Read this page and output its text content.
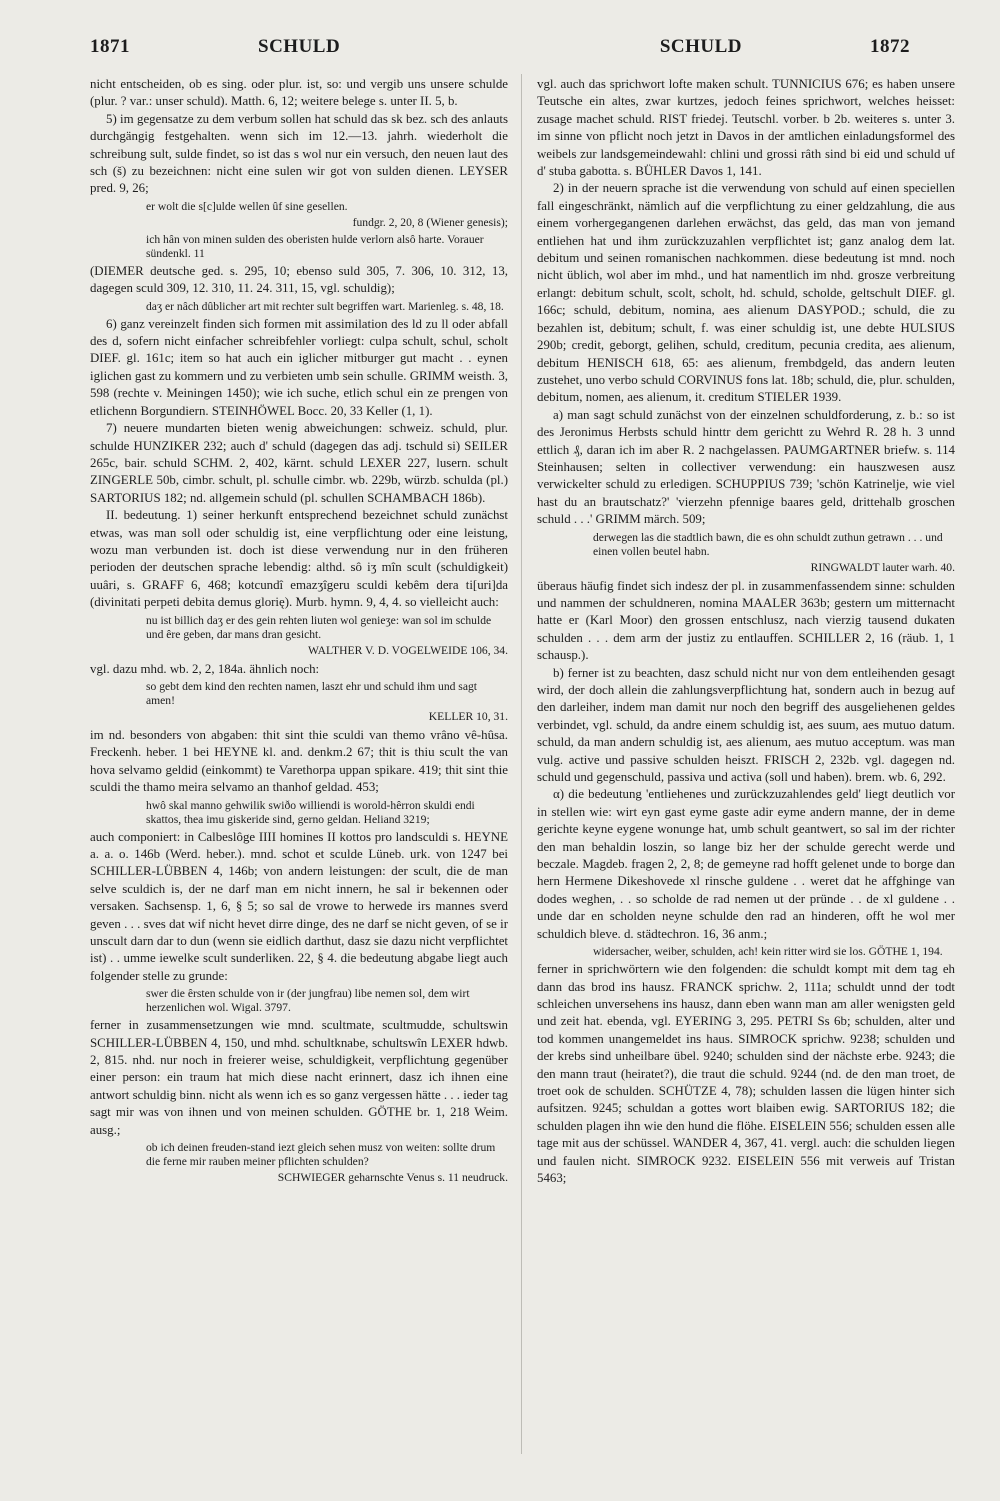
1871	SCHULD	SCHULD	1872

nicht entscheiden, ob es sing. oder plur. ist, so: und vergib uns unsere schulde (plur. ? var.: unser schuld). Matth. 6, 12; weitere belege s. unter II. 5, b.

5) im gegensatze zu dem verbum sollen hat schuld das sk bez. sch des anlauts durchgängig festgehalten. wenn sich im 12.—13. jahrh. wiederholt die schreibung sult, sulde findet, so ist das s wol nur ein versuch, den neuen laut des sch (š) zu bezeichnen: nicht eine sulen wir got von sulden dienen. LEYSER pred. 9, 26;

er wolt die s[c]ulde wellen ûf sine gesellen.

fundgr. 2, 20, 8 (Wiener genesis);

ich hân von minen sulden des oberisten hulde verlorn alsô harte. Vorauer sündenkl. 11

(DIEMER deutsche ged. s. 295, 10; ebenso suld 305, 7. 306, 10. 312, 13, dagegen sculd 309, 12. 310, 11. 24. 311, 15, vgl. schuldig);

daʒ er nâch dûblicher art mit rechter sult begriffen wart. Marienleg. s. 48, 18.

6) ganz vereinzelt finden sich formen mit assimilation des ld zu ll oder abfall des d, sofern nicht einfacher schreibfehler vorliegt: culpa schult, schul, scholt DIEF. gl. 161c; item so hat auch ein iglicher mitburger gut macht . . eynen iglichen gast zu kommern und zu verbieten umb sein schulle. GRIMM weisth. 3, 598 (rechte v. Meiningen 1450); wie ich suche, etlich schul ein ze prengen von etlichenn Borgundiern. STEINHÖWEL Bocc. 20, 33 Keller (1, 1).

7) neuere mundarten bieten wenig abweichungen: schweiz. schuld, plur. schulde HUNZIKER 232; auch d' schuld (dagegen das adj. tschuld si) SEILER 265c, bair. schuld SCHM. 2, 402, kärnt. schuld LEXER 227, lusern. schult ZINGERLE 50b, cimbr. schult, pl. schulle cimbr. wb. 229b, würzb. schulda (pl.) SARTORIUS 182; nd. allgemein schuld (pl. schullen SCHAMBACH 186b).

II. bedeutung. 1) seiner herkunft entsprechend bezeichnet schuld zunächst etwas, was man soll oder schuldig ist, eine verpflichtung oder eine leistung, wozu man verbunden ist. doch ist diese verwendung nur in den früheren perioden der deutschen sprache lebendig: althd. sô iʒ mîn scult (schuldigkeit) uuâri, s. GRAFF 6, 468; kotcundî emazʒîgeru sculdi kebêm dera ti[uri]da (divinitati perpeti debita demus glorię). Murb. hymn. 9, 4, 4. so vielleicht auch:

nu ist billich daʒ er des gein rehten liuten wol genieʒe: wan sol im schulde und êre geben, dar mans dran gesicht.

WALTHER V. D. VOGELWEIDE 106, 34.

vgl. dazu mhd. wb. 2, 2, 184a. ähnlich noch:

so gebt dem kind den rechten namen, laszt ehr und schuld ihm und sagt amen!

KELLER 10, 31.

im nd. besonders von abgaben: thit sint thie sculdi van themo vrâno vê-hûsa. Freckenh. heber. 1 bei HEYNE kl. and. denkm.2 67; thit is thiu scult the van hova selvamo geldid (einkommt) te Varethorpa uppan spikare. 419; thit sint thie sculdi the thamo meira selvamo an thanhof geldad. 453;

hwô skal manno gehwilik swiðo williendi is worold-hêrron skuldi endi skattos, thea imu giskeride sind, gerno geldan. Heliand 3219;

auch componiert: in Calbeslôge IIII homines II kottos pro landsculdi s. HEYNE a. a. o. 146b (Werd. heber.). mnd. schot et sculde Lüneb. urk. von 1247 bei SCHILLER-LÜBBEN 4, 146b; von andern leistungen: der scult, die de man selve sculdich is, der ne darf man em nicht innern, he sal ir bekennen oder versaken. Sachsensp. 1, 6, § 5; so sal de vrowe to herwede irs mannes sverd geven . . . sves dat wif nicht hevet dirre dinge, des ne darf se nicht geven, of se ir unscult darn dar to dun (wenn sie eidlich darthut, dasz sie dazu nicht verpflichtet ist) . . umme iewelke scult sunderliken. 22, § 4. die bedeutung abgabe liegt auch folgender stelle zu grunde:

swer die êrsten schulde von ir (der jungfrau) libe nemen sol, dem wirt herzenlichen wol. Wigal. 3797.

ferner in zusammensetzungen wie mnd. scultmate, scultmudde, schultswin SCHILLER-LÜBBEN 4, 150, und mhd. schultknabe, schultswîn LEXER hdwb. 2, 815. nhd. nur noch in freierer weise, schuldigkeit, verpflichtung gegenüber einer person: ein traum hat mich diese nacht erinnert, dasz ich ihnen eine antwort schuldig binn. nicht als wenn ich es so ganz vergessen hätte . . . ieder tag sagt mir was von ihnen und von meinen schulden. GÖTHE br. 1, 218 Weim. ausg.;

ob ich deinen freuden-stand iezt gleich sehen musz von weiten: sollte drum die ferne mir rauben meiner pflichten schulden?

SCHWIEGER geharnschte Venus s. 11 neudruck.

vgl. auch das sprichwort lofte maken schult. TUNNICIUS 676; es haben unsere Teutsche ein altes, zwar kurtzes, jedoch feines sprichwort, welches heisset: zusage machet schuld. RIST friedej. Teutschl. vorber. b 2b. weiteres s. unter 3. im sinne von pflicht noch jetzt in Davos in der amtlichen einladungsformel des weibels zur landsgemeindewahl: chlini und grossi râth sind bi eid und schuld uf d' stuba gabotta. s. BÜHLER Davos 1, 141.

2) in der neuern sprache ist die verwendung von schuld auf einen speciellen fall eingeschränkt, nämlich auf die verpflichtung zu einer geldzahlung, die aus einem vorhergegangenen darlehen erwächst, das geld, das man von jemand entliehen hat und ihm zurückzuzahlen verpflichtet ist; ganz analog dem lat. debitum und seinen romanischen nachkommen. diese bedeutung ist mnd. noch nicht üblich, wol aber im mhd., und hat namentlich im nhd. grosze verbreitung erlangt: debitum schult, scolt, scholt, hd. schuld, scholde, geltschult DIEF. gl. 166c; schuld, debitum, nomina, aes alienum DASYPOD.; schuld, die zu bezahlen ist, debitum; schult, f. was einer schuldig ist, une debte HULSIUS 290b; credit, geborgt, gelihen, schuld, creditum, pecunia credita, aes alienum, debitum HENISCH 618, 65: aes alienum, frembdgeld, das andern leuten zustehet, uno verbo schuld CORVINUS fons lat. 18b; schuld, die, plur. schulden, debitum, nomen, aes alienum, it. creditum STIELER 1939.

a) man sagt schuld zunächst von der einzelnen schuldforderung, z. b.: so ist des Jeronimus Herbsts schuld hinttr dem gerichtt zu Wehrd R. 28 h. 3 unnd ettlich ₰, daran ich im aber R. 2 nachgelassen. PAUMGARTNER briefw. s. 114 Steinhausen; selten in collectiver verwendung: ein hauszwesen ausz verwickelter schuld zu erledigen. SCHUPPIUS 739; 'schön Katrinelje, wie viel hast du an brautschatz?' 'vierzehn pfennige baares geld, drittehalb groschen schuld . . .' GRIMM märch. 509;

derwegen las die stadtlich bawn, die es ohn schuldt zuthun getrawn . . . und einen vollen beutel habn.

RINGWALDT lauter warh. 40.

überaus häufig findet sich indesz der pl. in zusammenfassendem sinne: schulden und nammen der schuldneren, nomina MAALER 363b; gestern um mitternacht hatte er (Karl Moor) den grossen entschlusz, nach vierzig tausend dukaten schulden . . . dem arm der justiz zu entlauffen. SCHILLER 2, 16 (räub. 1, 1 schausp.).

b) ferner ist zu beachten, dasz schuld nicht nur von dem entleihenden gesagt wird, der doch allein die zahlungsverpflichtung hat, sondern auch in bezug auf den darleiher, indem man damit nur noch den begriff des ausgeliehenen geldes verbindet, vgl. schuld, da andre einem schuldig ist, aes suum, aes mutuo datum. schuld, da man andern schuldig ist, aes alienum, aes mutuo acceptum. was man vulg. active und passive schulden heiszt. FRISCH 2, 232b. vgl. dagegen nd. schuld und gegenschuld, passiva und activa (soll und haben). brem. wb. 6, 292.

α) die bedeutung 'entliehenes und zurückzuzahlendes geld' liegt deutlich vor in stellen wie: wirt eyn gast eyme gaste adir eyme andern manne, der in deme gerichte keyne eygene wonunge hat, umb schult geantwert, so sal im der richter den man behaldin loszin, so lange biz her der schulde gerecht werde und beczale. Magdeb. fragen 2, 2, 8; de gemeyne rad hofft gelenet unde to borge dan hern Hermene Dikeshovede xl rinsche guldene . . weret dat he affghinge van dodes weghen, . . so scholde de rad nemen ut der pründe . . de xl guldene . . unde dar en scholden neyne schulde den rad an hinderen, offt he wol mer schuldich bleve. d. städtechron. 16, 36 anm.;

widersacher, weiber, schulden, ach! kein ritter wird sie los. GÖTHE 1, 194.

ferner in sprichwörtern wie den folgenden: die schuldt kompt mit dem tag eh dann das brod ins hausz. FRANCK sprichw. 2, 111a; schuldt unnd der todt schleichen unversehens ins hausz, dann eben wann man am aller wenigsten geld und zeit hat. ebenda, vgl. EYERING 3, 295. PETRI Ss 6b; schulden, alter und tod kommen unangemeldet ins haus. SIMROCK sprichw. 9238; schulden und der krebs sind unheilbare übel. 9240; schulden sind der nächste erbe. 9243; die den mann traut (heiratet?), die traut die schuld. 9244 (nd. de den man troet, de troet ook de schulden. SCHÜTZE 4, 78); schulden lassen die lügen hinter sich aufsitzen. 9245; schuldan a gottes wort blaiben ewig. SARTORIUS 182; die schulden plagen ihn wie den hund die flöhe. EISELEIN 556; schulden essen alle tage mit aus der schüssel. WANDER 4, 367, 41. vergl. auch: die schulden liegen und faulen nicht. SIMROCK 9232. EISELEIN 556 mit verweis auf Tristan 5463;
